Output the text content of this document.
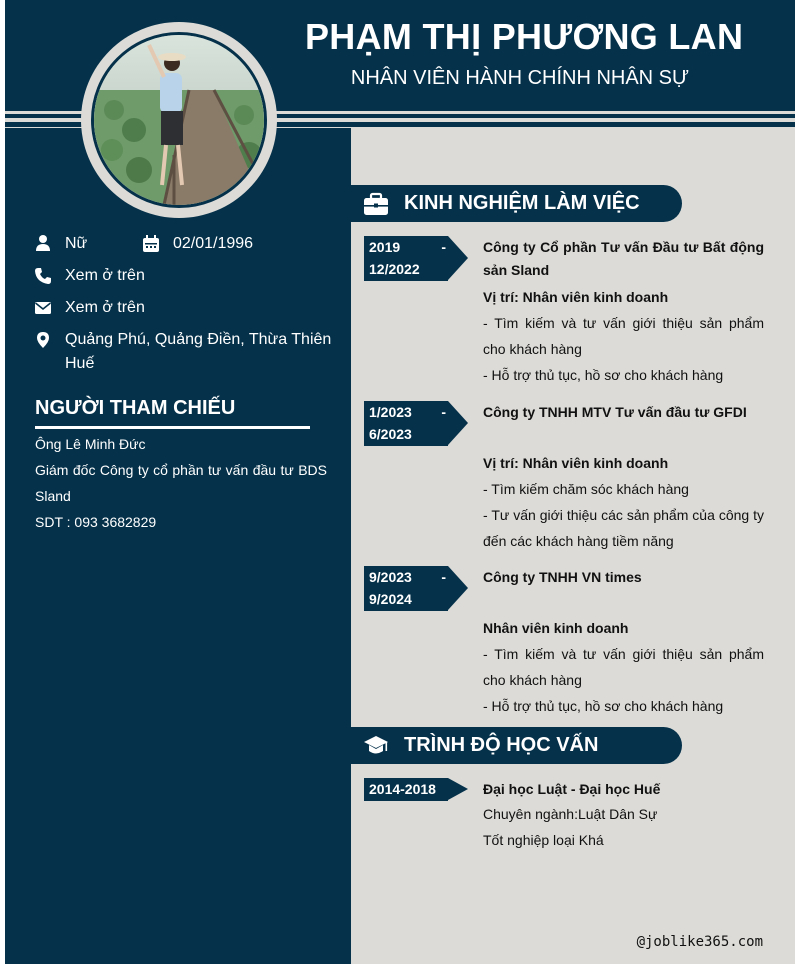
PHẠM THỊ PHƯƠNG LAN
NHÂN VIÊN HÀNH CHÍNH NHÂN SỰ
Nữ	02/01/1996
Xem ở trên
Xem ở trên
Quảng Phú, Quảng Điền, Thừa Thiên Huế
NGƯỜI THAM CHIẾU
Ông Lê Minh Đức
Giám đốc Công ty cổ phần tư vấn đầu tư BDS Sland
SDT : 093 3682829
KINH NGHIỆM LÀM VIỆC
2019	-
12/2022
Công ty Cổ phần Tư vấn Đầu tư Bất động sản Sland
Vị trí: Nhân viên kinh doanh
- Tìm kiếm và tư vấn giới thiệu sản phẩm cho khách hàng
- Hỗ trợ thủ tục, hồ sơ cho khách hàng
1/2023 -
6/2023
Công ty TNHH MTV Tư vấn đầu tư GFDI
Vị trí: Nhân viên kinh doanh
- Tìm kiếm chăm sóc khách hàng
- Tư vấn giới thiệu các sản phẩm của công ty đến các khách hàng tiềm năng
9/2023 -
9/2024
Công ty TNHH VN times
Nhân viên kinh doanh
- Tìm kiếm và tư vấn giới thiệu sản phẩm cho khách hàng
- Hỗ trợ thủ tục, hồ sơ cho khách hàng
TRÌNH ĐỘ HỌC VẤN
2014-2018	Đại học Luật - Đại học Huế
Chuyên ngành:Luật Dân Sự
Tốt nghiệp loại Khá
@joblike365.com
